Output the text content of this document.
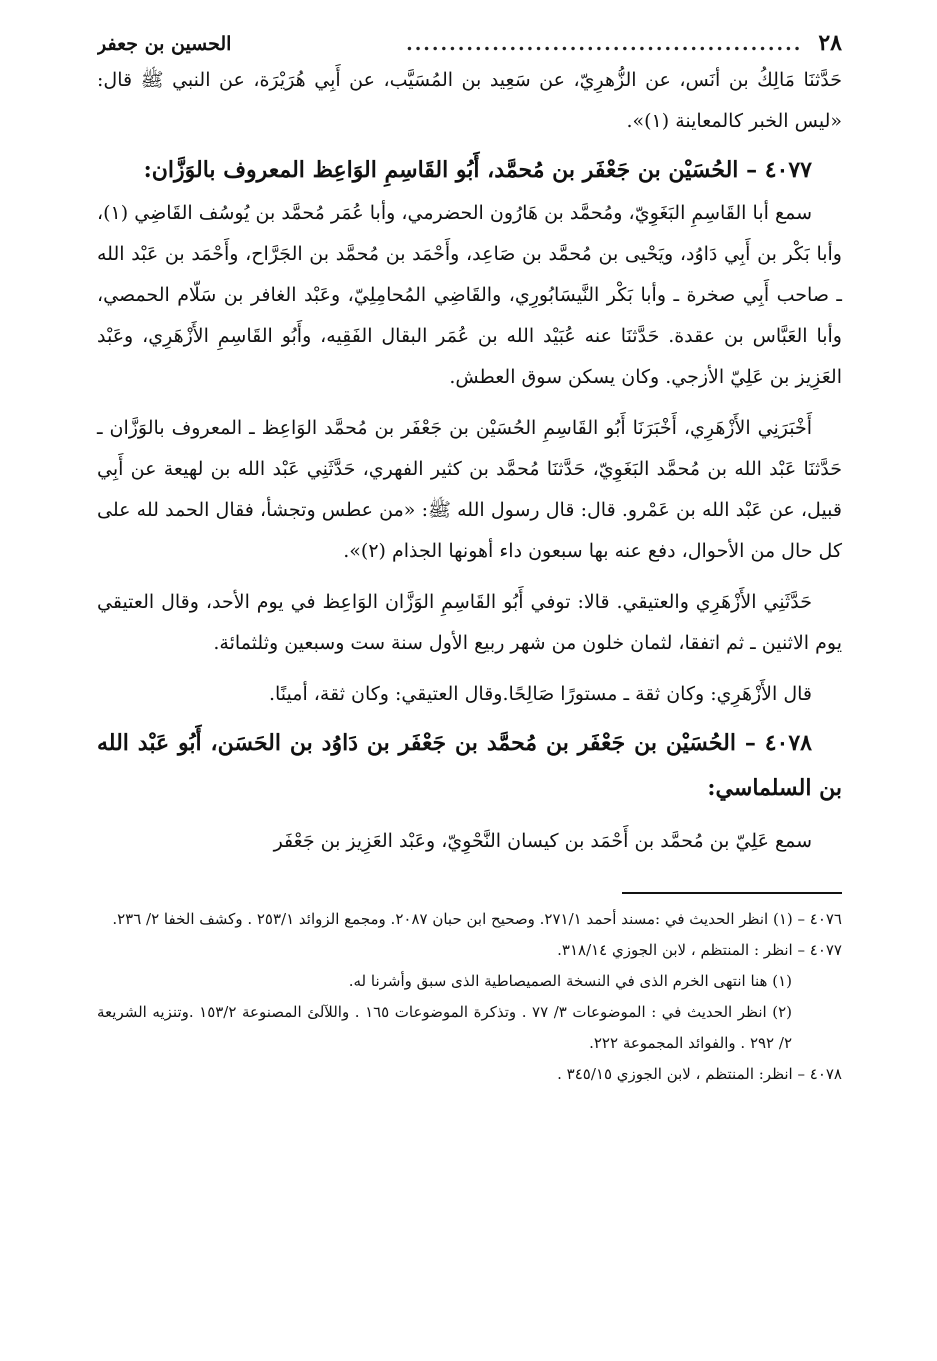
٢٨
..............................................
الحسين بن جعفر

حَدَّثنَا مَالِكُ بن أنَس، عن الزُّهرِيّ، عن سَعِيد بن المُسَيَّب، عن أَبِي هُرَيْرَة، عن النبي ﷺ قال: «ليس الخبر كالمعاينة (١)».

٤٠٧٧ – الحُسَيْن بن جَعْفَر بن مُحمَّد، أَبُو القَاسِمِ الوَاعِظ المعروف بالوَزَّان:

سمع أبا القَاسِمِ البَغَوِيّ، ومُحمَّد بن هَارُون الحضرمي، وأبا عُمَر مُحمَّد بن يُوسُف القَاضِي (١)، وأبا بَكْر بن أَبِي دَاوُد، ويَحْيى بن مُحمَّد بن صَاعِد، وأَحْمَد بن مُحمَّد بن الجَرَّاح، وأَحْمَد بن عَبْد الله ـ صاحب أَبِي صخرة ـ وأبا بَكْر النَّيسَابُورِي، والقَاضِي المُحامِلِيّ، وعَبْد الغافر بن سَلّام الحمصي، وأبا العَبَّاس بن عقدة. حَدَّثنَا عنه عُبَيْد الله بن عُمَر البقال الفَقِيه، وأَبُو القَاسِمِ الأَزْهَرِي، وعَبْد العَزِيز بن عَلِيّ الأزجي. وكان يسكن سوق العطش.

أَخْبَرَنِي الأَزْهَرِي، أَخْبَرَنَا أَبُو القَاسِمِ الحُسَيْن بن جَعْفَر بن مُحمَّد الوَاعِظ ـ المعروف بالوَزَّان ـ حَدَّثنَا عَبْد الله بن مُحمَّد البَغَوِيّ، حَدَّثنَا مُحمَّد بن كثير الفهري، حَدَّثَنِي عَبْد الله بن لهيعة عن أَبِي قبيل، عن عَبْد الله بن عَمْرو. قال: قال رسول الله ﷺ: «من عطس وتجشأ، فقال الحمد لله على كل حال من الأحوال، دفع عنه بها سبعون داء أهونها الجذام (٢)».

حَدَّثَنِي الأَزْهَرِي والعتيقي. قالا: توفي أَبُو القَاسِمِ الوَزَّان الوَاعِظ في يوم الأحد، وقال العتيقي يوم الاثنين ـ ثم اتفقا، لثمان خلون من شهر ربيع الأول سنة ست وسبعين وثلثمائة.

قال الأَزْهَرِي: وكان ثقة ـ مستورًا صَالِحًا.وقال العتيقي: وكان ثقة، أمينًا.

٤٠٧٨ – الحُسَيْن بن جَعْفَر بن مُحمَّد بن جَعْفَر بن دَاوُد بن الحَسَن، أَبُو عَبْد الله بن السلماسي:

سمع عَلِيّ بن مُحمَّد بن أَحْمَد بن كيسان النَّحْوِيّ، وعَبْد العَزِيز بن جَعْفَر

٤٠٧٦ – (١) انظر الحديث في :مسند أحمد ٢٧١/١. وصحيح ابن حبان ٢٠٨٧. ومجمع الزوائد ٢٥٣/١ . وكشف الخفا ٢/ ٢٣٦.

٤٠٧٧ – انظر : المنتظم ، لابن الجوزي ٣١٨/١٤.

(١) هنا انتهى الخرم الذى في النسخة الصميصاطية الذى سبق وأشرنا له.

(٢) انظر الحديث في : الموضوعات ٣/ ٧٧ . وتذكرة الموضوعات ١٦٥ . واللآلئ المصنوعة ١٥٣/٢ .وتنزيه الشريعة ٢/ ٢٩٢ . والفوائد المجموعة ٢٢٢.

٤٠٧٨ – انظر: المنتظم ، لابن الجوزي ٣٤٥/١٥ .
